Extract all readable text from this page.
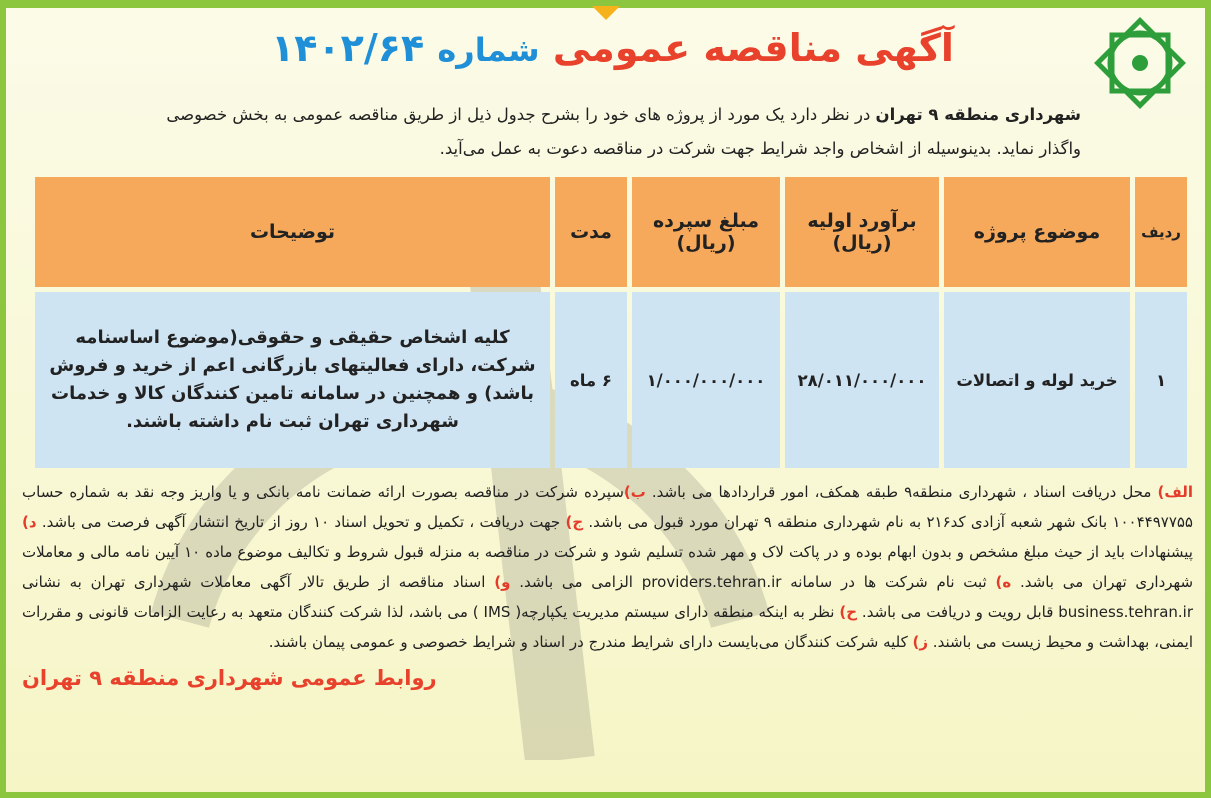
آگهی مناقصه عمومی شماره ۱۴۰۲/۶۴
شهرداری منطقه ۹ تهران در نظر دارد یک مورد از پروژه های خود را بشرح جدول ذیل از طریق مناقصه عمومی به بخش خصوصی واگذار نماید. بدینوسیله از اشخاص واجد شرایط جهت شرکت در مناقصه دعوت به عمل می‌آید.
ردیف	موضوع پروژه	برآورد اولیه (ریال)	مبلغ سپرده (ریال)	مدت	توضیحات
۱	خرید لوله و اتصالات	۲۸/۰۱۱/۰۰۰/۰۰۰	۱/۰۰۰/۰۰۰/۰۰۰	۶ ماه	کلیه اشخاص حقیقی و حقوقی(موضوع اساسنامه شرکت، دارای فعالیتهای بازرگانی اعم از خرید و فروش باشد) و همچنین در سامانه تامین کنندگان کالا و خدمات شهرداری تهران ثبت نام داشته باشند.
الف) محل دریافت اسناد ، شهرداری منطقه۹ طبقه همکف، امور قراردادها می باشد. ب)سپرده شرکت در مناقصه بصورت ارائه ضمانت نامه بانکی و یا واریز وجه نقد به شماره حساب ۱۰۰۴۴۹۷۷۵۵ بانک شهر شعبه آزادی کد۲۱۶ به نام شهرداری منطقه ۹ تهران مورد قبول می باشد. ج) جهت دریافت ، تکمیل و تحویل اسناد ۱۰ روز از تاریخ انتشار آگهی فرصت می باشد. د) پیشنهادات باید از حیث مبلغ مشخص و بدون ابهام بوده و در پاکت لاک و مهر شده تسلیم شود و شرکت در مناقصه به منزله قبول شروط و تکالیف موضوع ماده ۱۰ آیین نامه مالی و معاملات شهرداری تهران می باشد. ه) ثبت نام شرکت ها در سامانه providers.tehran.ir الزامی می باشد. و) اسناد مناقصه از طریق تالار آگهی معاملات شهرداری تهران به نشانی business.tehran.ir قابل رویت و دریافت می باشد. ح) نظر به اینکه منطقه دارای سیستم مدیریت یکپارچه( IMS ) می باشد، لذا شرکت کنندگان متعهد به رعایت الزامات قانونی و مقررات ایمنی، بهداشت و محیط زیست می باشند. ز) کلیه شرکت کنندگان می‌بایست دارای شرایط مندرج در اسناد و شرایط خصوصی و عمومی پیمان باشند.
روابط عمومی شهرداری منطقه ۹ تهران
